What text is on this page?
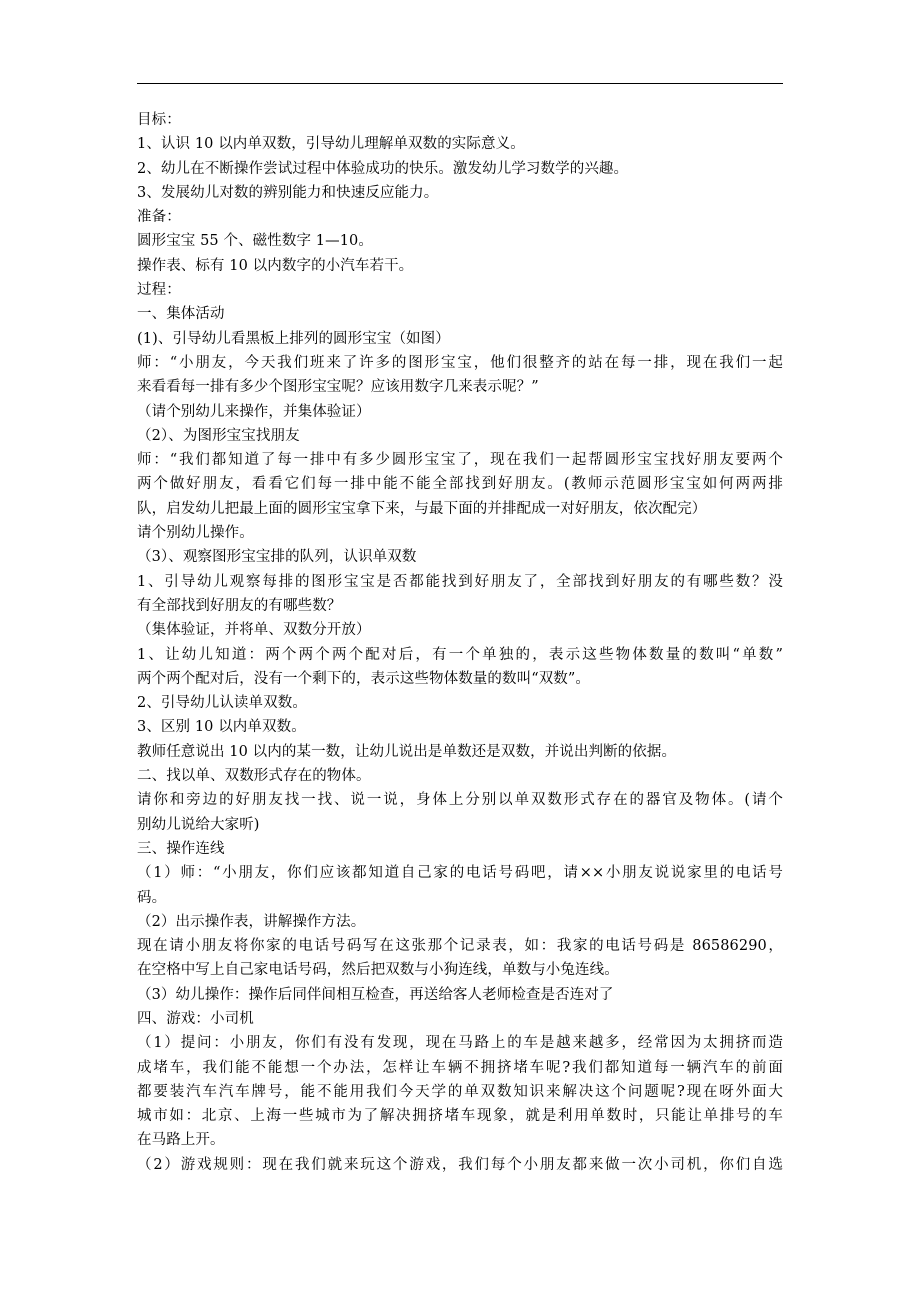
目标：
1、认识 10 以内单双数，引导幼儿理解单双数的实际意义。
2、幼儿在不断操作尝试过程中体验成功的快乐。激发幼儿学习数学的兴趣。
3、发展幼儿对数的辨别能力和快速反应能力。
准备：
圆形宝宝 55 个、磁性数字 1—10。
操作表、标有 10 以内数字的小汽车若干。
过程：
一、集体活动
(1)、引导幼儿看黑板上排列的圆形宝宝（如图）
师：“小朋友，今天我们班来了许多的图形宝宝，他们很整齐的站在每一排，现在我们一起
来看看每一排有多少个图形宝宝呢？应该用数字几来表示呢？”
（请个别幼儿来操作，并集体验证）
（2）、为图形宝宝找朋友
师：“我们都知道了每一排中有多少圆形宝宝了，现在我们一起帮圆形宝宝找好朋友要两个
两个做好朋友，看看它们每一排中能不能全部找到好朋友。(教师示范圆形宝宝如何两两排
队，启发幼儿把最上面的圆形宝宝拿下来，与最下面的并排配成一对好朋友，依次配完）
请个别幼儿操作。
（3）、观察图形宝宝排的队列，认识单双数
1、引导幼儿观察每排的图形宝宝是否都能找到好朋友了，全部找到好朋友的有哪些数？没
有全部找到好朋友的有哪些数？
（集体验证，并将单、双数分开放）
1、让幼儿知道：两个两个两个配对后，有一个单独的，表示这些物体数量的数叫“单数”
两个两个配对后，没有一个剩下的，表示这些物体数量的数叫“双数”。
2、引导幼儿认读单双数。
3、区别 10 以内单双数。
教师任意说出 10 以内的某一数，让幼儿说出是单数还是双数，并说出判断的依据。
二、找以单、双数形式存在的物体。
请你和旁边的好朋友找一找、说一说，身体上分别以单双数形式存在的器官及物体。(请个
别幼儿说给大家听)
三、操作连线
（1）师：“小朋友，你们应该都知道自己家的电话号码吧，请××小朋友说说家里的电话号
码。
（2）出示操作表，讲解操作方法。
现在请小朋友将你家的电话号码写在这张那个记录表，如：我家的电话号码是 86586290，
在空格中写上自己家电话号码，然后把双数与小狗连线，单数与小兔连线。
（3）幼儿操作：操作后同伴间相互检查，再送给客人老师检查是否连对了
四、游戏：小司机
（1）提问：小朋友，你们有没有发现，现在马路上的车是越来越多，经常因为太拥挤而造
成堵车，我们能不能想一个办法，怎样让车辆不拥挤堵车呢?我们都知道每一辆汽车的前面
都要装汽车汽车牌号，能不能用我们今天学的单双数知识来解决这个问题呢?现在呀外面大
城市如：北京、上海一些城市为了解决拥挤堵车现象，就是利用单数时，只能让单排号的车
在马路上开。
（2）游戏规则：现在我们就来玩这个游戏，我们每个小朋友都来做一次小司机，你们自选
